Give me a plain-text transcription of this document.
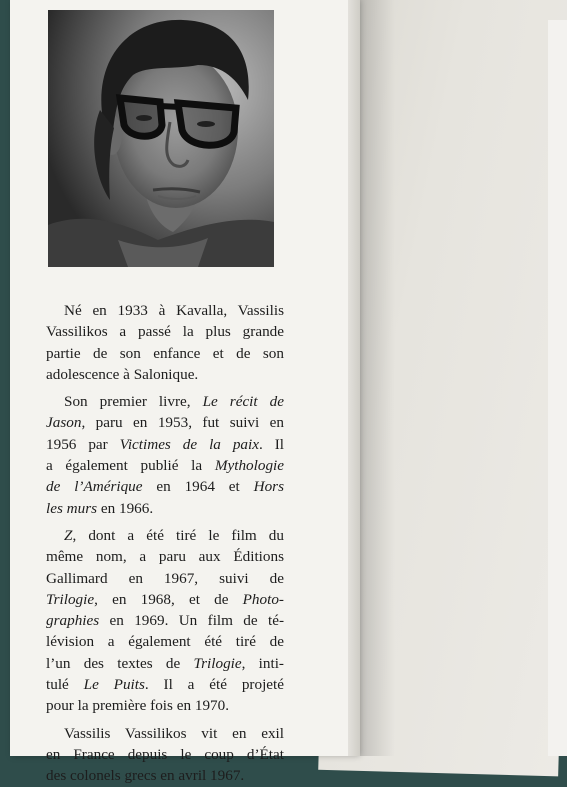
Né en 1933 à Kavalla, Vassilis
Vassilikos a passé la plus grande
partie de son enfance et de son
adolescence à Salonique.
Son premier livre, Le récit de
Jason, paru en 1953, fut suivi en
1956 par Victimes de la paix. Il
a également publié la Mythologie
de l’Amérique en 1964 et Hors
les murs en 1966.
Z, dont a été tiré le film du
même nom, a paru aux Éditions
Gallimard en 1967, suivi de
Trilogie, en 1968, et de Photo-
graphies en 1969. Un film de té-
lévision a également été tiré de
l’un des textes de Trilogie, inti-
tulé Le Puits. Il a été projeté
pour la première fois en 1970.
Vassilis Vassilikos vit en exil
en France depuis le coup d’État
des colonels grecs en avril 1967.
